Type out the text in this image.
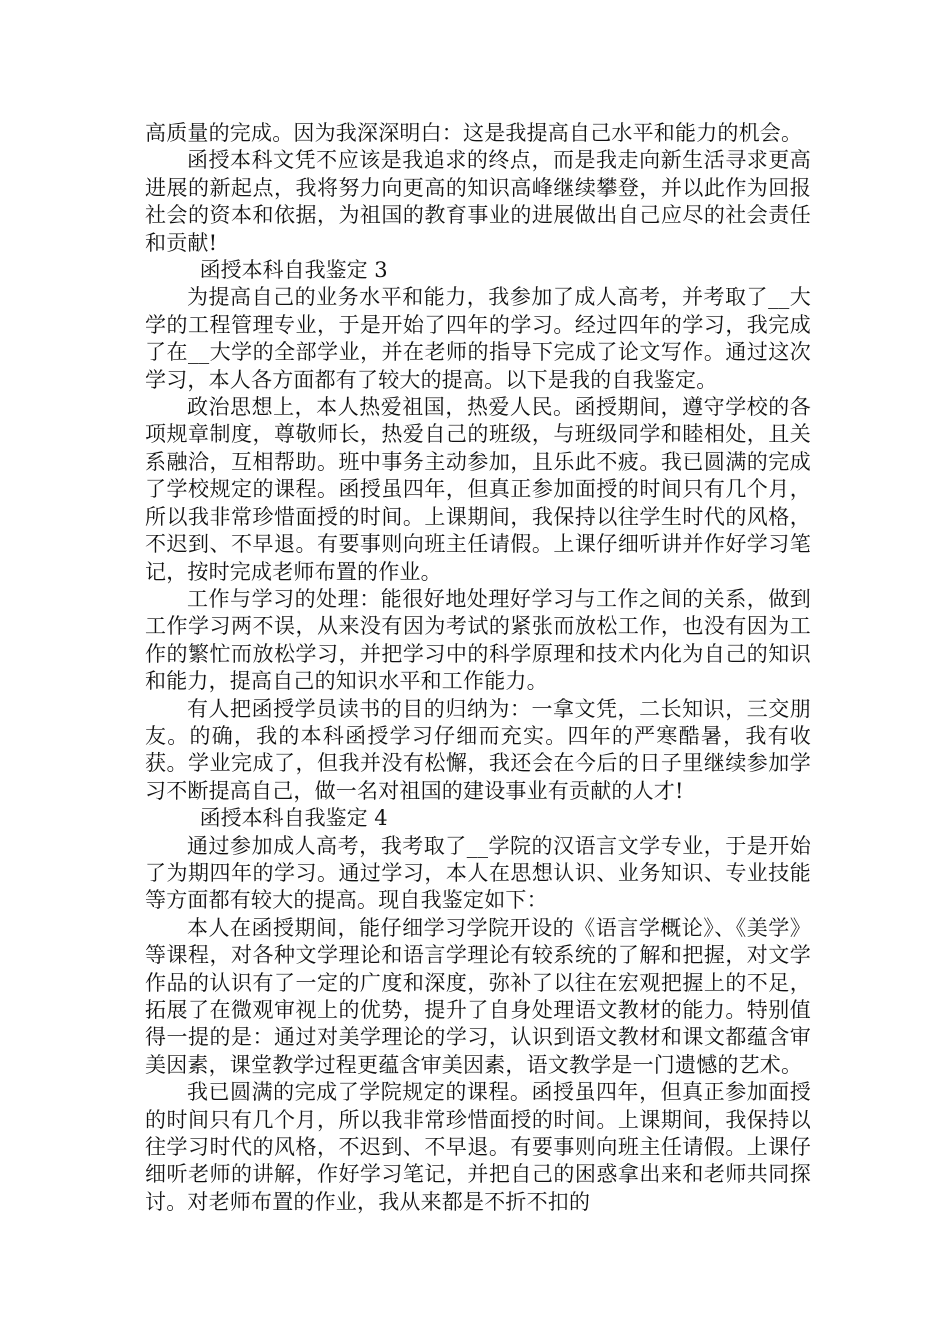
高质量的完成。因为我深深明白：这是我提高自己水平和能力的机会。

函授本科文凭不应该是我追求的终点，而是我走向新生活寻求更高进展的新起点，我将努力向更高的知识高峰继续攀登，并以此作为回报社会的资本和依据，为祖国的教育事业的进展做出自己应尽的社会责任和贡献!

函授本科自我鉴定 3

为提高自己的业务水平和能力，我参加了成人高考，并考取了__大学的工程管理专业，于是开始了四年的学习。经过四年的学习，我完成了在__大学的全部学业，并在老师的指导下完成了论文写作。通过这次学习，本人各方面都有了较大的提高。以下是我的自我鉴定。

政治思想上，本人热爱祖国，热爱人民。函授期间，遵守学校的各项规章制度，尊敬师长，热爱自己的班级，与班级同学和睦相处，且关系融洽，互相帮助。班中事务主动参加，且乐此不疲。我已圆满的完成了学校规定的课程。函授虽四年，但真正参加面授的时间只有几个月，所以我非常珍惜面授的时间。上课期间，我保持以往学生时代的风格，不迟到、不早退。有要事则向班主任请假。上课仔细听讲并作好学习笔记，按时完成老师布置的作业。

工作与学习的处理：能很好地处理好学习与工作之间的关系，做到工作学习两不误，从来没有因为考试的紧张而放松工作，也没有因为工作的繁忙而放松学习，并把学习中的科学原理和技术内化为自己的知识和能力，提高自己的知识水平和工作能力。

有人把函授学员读书的目的归纳为：一拿文凭，二长知识，三交朋友。的确，我的本科函授学习仔细而充实。四年的严寒酷暑，我有收获。学业完成了，但我并没有松懈，我还会在今后的日子里继续参加学习不断提高自己，做一名对祖国的建设事业有贡献的人才!

函授本科自我鉴定 4

通过参加成人高考，我考取了__学院的汉语言文学专业，于是开始了为期四年的学习。通过学习，本人在思想认识、业务知识、专业技能等方面都有较大的提高。现自我鉴定如下：

本人在函授期间，能仔细学习学院开设的《语言学概论》、《美学》等课程，对各种文学理论和语言学理论有较系统的了解和把握，对文学作品的认识有了一定的广度和深度，弥补了以往在宏观把握上的不足，拓展了在微观审视上的优势，提升了自身处理语文教材的能力。特别值得一提的是：通过对美学理论的学习，认识到语文教材和课文都蕴含审美因素，课堂教学过程更蕴含审美因素，语文教学是一门遗憾的艺术。

我已圆满的完成了学院规定的课程。函授虽四年，但真正参加面授的时间只有几个月，所以我非常珍惜面授的时间。上课期间，我保持以往学习时代的风格，不迟到、不早退。有要事则向班主任请假。上课仔细听老师的讲解，作好学习笔记，并把自己的困惑拿出来和老师共同探讨。对老师布置的作业，我从来都是不折不扣的
